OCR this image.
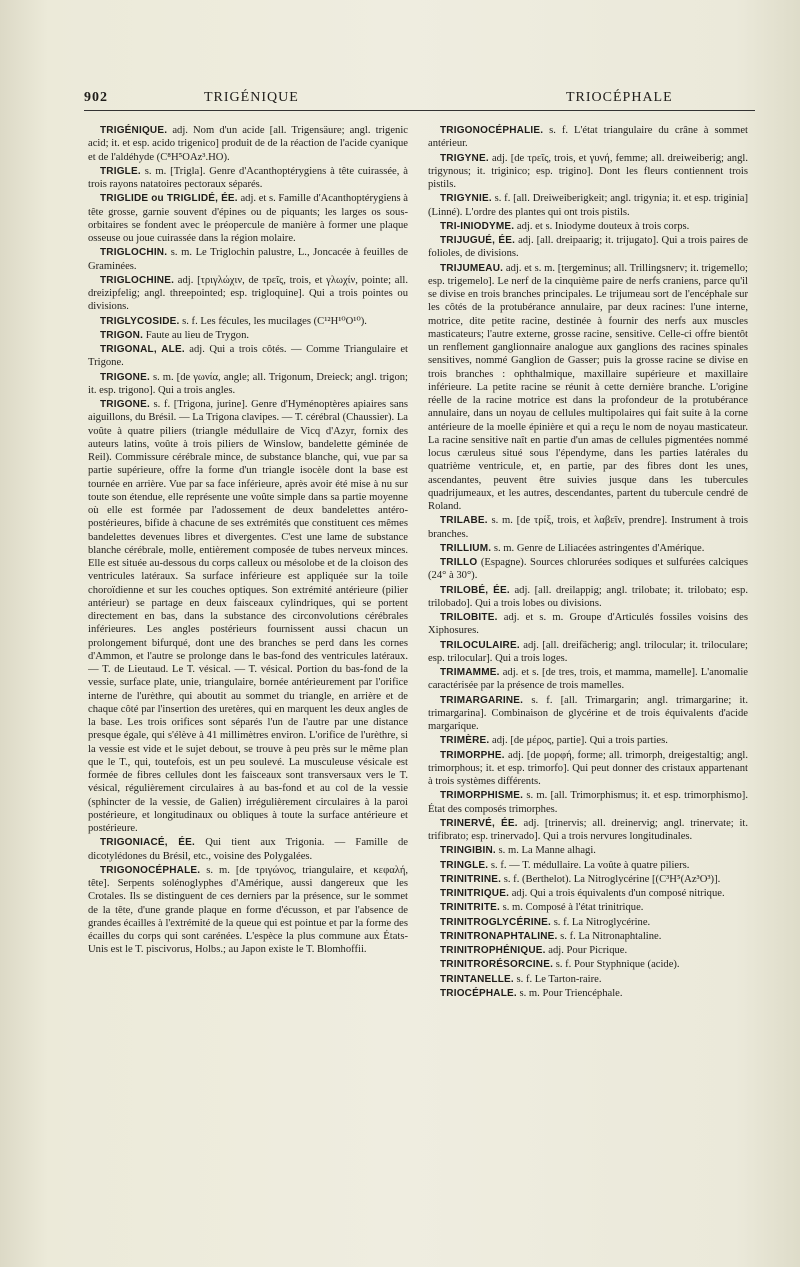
902	TRIGÉNIQUE	TRIOCÉPHALE

TRIGÉNIQUE. adj. Nom d'un acide [all. Trigensäure; angl. trigenic acid; it. et esp. acido trigenico] produit de de la réaction de l'acide cyanique et de l'aldéhyde (C⁸H⁵OAz³.HO).

TRIGLE. s. m. [Trigla]. Genre d'Acanthoptérygiens à tête cuirassée, à trois rayons natatoires pectoraux séparés.

TRIGLIDE ou TRIGLIDÉ, ÉE. adj. et s. Famille d'Acanthoptérygiens à tête grosse, garnie souvent d'épines ou de piquants; les larges os sous-orbitaires se fondent avec le préopercule de manière à former une plaque osseuse ou joue cuirassée dans la région molaire.

TRIGLOCHIN. s. m. Le Triglochin palustre, L., Joncacée à feuilles de Graminées.

TRIGLOCHINE. adj. [τριγλώχιν, de τρεῖς, trois, et γλωχίν, pointe; all. dreizipfelig; angl. threepointed; esp. trigloquine]. Qui a trois pointes ou divisions.

TRIGLYCOSIDE. s. f. Les fécules, les mucilages (C¹²H¹⁰O¹⁰).

TRIGON. Faute au lieu de Trygon.

TRIGONAL, ALE. adj. Qui a trois côtés. — Comme Triangulaire et Trigone.

TRIGONE. s. m. [de γωνία, angle; all. Trigonum, Dreieck; angl. trigon; it. esp. trigono]. Qui a trois angles.

TRIGONE. s. f. [Trigona, jurine]. Genre d'Hyménoptères apiaires sans aiguillons, du Brésil. — La Trigona clavipes. — T. cérébral (Chaussier). La voûte à quatre piliers (triangle médullaire de Vicq d'Azyr, fornix des auteurs latins, voûte à trois piliers de Winslow, bandelette géminée de Reil). Commissure cérébrale mince, de substance blanche, qui, vue par sa partie supérieure, offre la forme d'un triangle isocèle dont la base est tournée en arrière. Vue par sa face inférieure, après avoir été mise à nu sur toute son étendue, elle représente une voûte simple dans sa partie moyenne où elle est formée par l'adossement de deux bandelettes antéro-postérieures, bifide à chacune de ses extrémités que constituent ces mêmes bandelettes devenues libres et divergentes. C'est une lame de substance blanche cérébrale, molle, entièrement composée de tubes nerveux minces. Elle est située au-dessous du corps calleux ou mésolobe et de la cloison des ventricules latéraux. Sa surface inférieure est appliquée sur la toile choroïdienne et sur les couches optiques. Son extrémité antérieure (pilier antérieur) se partage en deux faisceaux cylindriques, qui se portent directement en bas, dans la substance des circonvolutions cérébrales inférieures. Les angles postérieurs fournissent aussi chacun un prolongement bifurqué, dont une des branches se perd dans les cornes d'Ammon, et l'autre se prolonge dans le bas-fond des ventricules latéraux. — T. de Lieutaud. Le T. vésical. — T. vésical. Portion du bas-fond de la vessie, surface plate, unie, triangulaire, bornée antérieurement par l'orifice interne de l'urèthre, qui aboutit au sommet du triangle, en arrière et de chaque côté par l'insertion des uretères, qui en marquent les deux angles de la base. Les trois orifices sont séparés l'un de l'autre par une distance presque égale, qui s'élève à 41 millimètres environ. L'orifice de l'urèthre, si la vessie est vide et le sujet debout, se trouve à peu près sur le même plan que le T., qui, toutefois, est un peu soulevé. La musculeuse vésicale est formée de fibres cellules dont les faisceaux sont transversaux vers le T. vésical, régulièrement circulaires à au bas-fond et au col de la vessie (sphincter de la vessie, de Galien) irrégulièrement circulaires à la paroi postérieure, et longitudinaux ou obliques à toute la surface antérieure et postérieure.

TRIGONIACÉ, ÉE. Qui tient aux Trigonia. — Famille de dicotylédones du Brésil, etc., voisine des Polygalées.

TRIGONOCÉPHALE. s. m. [de τριγώνος, triangulaire, et κεφαλή, tête]. Serpents solénoglyphes d'Amérique, aussi dangereux que les Crotales. Ils se distinguent de ces derniers par la présence, sur le sommet de la tête, d'une grande plaque en forme d'écusson, et par l'absence de grandes écailles à l'extrémité de la queue qui est pointue et par la forme des écailles du corps qui sont carénées. L'espèce la plus commune aux États-Unis est le T. piscivorus, Holbs.; au Japon existe le T. Blomhoffii.

TRIGONOCÉPHALIE. s. f. L'état triangulaire du crâne à sommet antérieur.

TRIGYNE. adj. [de τρεῖς, trois, et γυνή, femme; all. dreiweiberig; angl. trigynous; it. triginico; esp. trigino]. Dont les fleurs contiennent trois pistils.

TRIGYNIE. s. f. [all. Dreiweiberigkeit; angl. trigynia; it. et esp. triginia] (Linné). L'ordre des plantes qui ont trois pistils.

TRI-INIODYME. adj. et s. Iniodyme douteux à trois corps.

TRIJUGUÉ, ÉE. adj. [all. dreipaarig; it. trijugato]. Qui a trois paires de folioles, de divisions.

TRIJUMEAU. adj. et s. m. [tergeminus; all. Trillingsnerv; it. trigemello; esp. trigemelo]. Le nerf de la cinquième paire de nerfs craniens, parce qu'il se divise en trois branches principales. Le trijumeau sort de l'encéphale sur les côtés de la protubérance annulaire, par deux racines: l'une interne, motrice, dite petite racine, destinée à fournir des nerfs aux muscles masticateurs; l'autre externe, grosse racine, sensitive. Celle-ci offre bientôt un renflement ganglionnaire analogue aux ganglions des racines spinales sensitives, nommé Ganglion de Gasser; puis la grosse racine se divise en trois branches : ophthalmique, maxillaire supérieure et maxillaire inférieure. La petite racine se réunit à cette dernière branche. L'origine réelle de la racine motrice est dans la profondeur de la protubérance annulaire, dans un noyau de cellules multipolaires qui fait suite à la corne antérieure de la moelle épinière et qui a reçu le nom de noyau masticateur. La racine sensitive naît en partie d'un amas de cellules pigmentées nommé locus cæruleus situé sous l'épendyme, dans les parties latérales du quatrième ventricule, et, en partie, par des fibres dont les unes, ascendantes, peuvent être suivies jusque dans les tubercules quadrijumeaux, et les autres, descendantes, partent du tubercule cendré de Roland.

TRILABE. s. m. [de τρίξ, trois, et λαβεῖν, prendre]. Instrument à trois branches.

TRILLIUM. s. m. Genre de Liliacées astringentes d'Amérique.

TRILLO (Espagne). Sources chlorurées sodiques et sulfurées calciques (24° à 30°).

TRILOBÉ, ÉE. adj. [all. dreilappig; angl. trilobate; it. trilobato; esp. trilobado]. Qui a trois lobes ou divisions.

TRILOBITE. adj. et s. m. Groupe d'Articulés fossiles voisins des Xiphosures.

TRILOCULAIRE. adj. [all. dreifächerig; angl. trilocular; it. triloculare; esp. trilocular]. Qui a trois loges.

TRIMAMME. adj. et s. [de tres, trois, et mamma, mamelle]. L'anomalie caractérisée par la présence de trois mamelles.

TRIMARGARINE. s. f. [all. Trimargarin; angl. trimargarine; it. trimargarina]. Combinaison de glycérine et de trois équivalents d'acide margarique.

TRIMÈRE. adj. [de μέρος, partie]. Qui a trois parties.

TRIMORPHE. adj. [de μορφή, forme; all. trimorph, dreigestaltig; angl. trimorphous; it. et esp. trimorfo]. Qui peut donner des cristaux appartenant à trois systèmes différents.

TRIMORPHISME. s. m. [all. Trimorphismus; it. et esp. trimorphismo]. État des composés trimorphes.

TRINERVÉ, ÉE. adj. [trinervis; all. dreinervig; angl. trinervate; it. trifibrato; esp. trinervado]. Qui a trois nervures longitudinales.

TRINGIBIN. s. m. La Manne alhagi.

TRINGLE. s. f. — T. médullaire. La voûte à quatre piliers.

TRINITRINE. s. f. (Berthelot). La Nitroglycérine [(C³H⁵(Az³O³)].

TRINITRIQUE. adj. Qui a trois équivalents d'un composé nitrique.

TRINITRITE. s. m. Composé à l'état trinitrique.

TRINITROGLYCÉRINE. s. f. La Nitroglycérine.

TRINITRONAPHTALINE. s. f. La Nitronaphtaline.

TRINITROPHÉNIQUE. adj. Pour Picrique.

TRINITRORÉSORCINE. s. f. Pour Styphnique (acide).

TRINTANELLE. s. f. Le Tarton-raire.

TRIOCÉPHALE. s. m. Pour Triencéphale.
